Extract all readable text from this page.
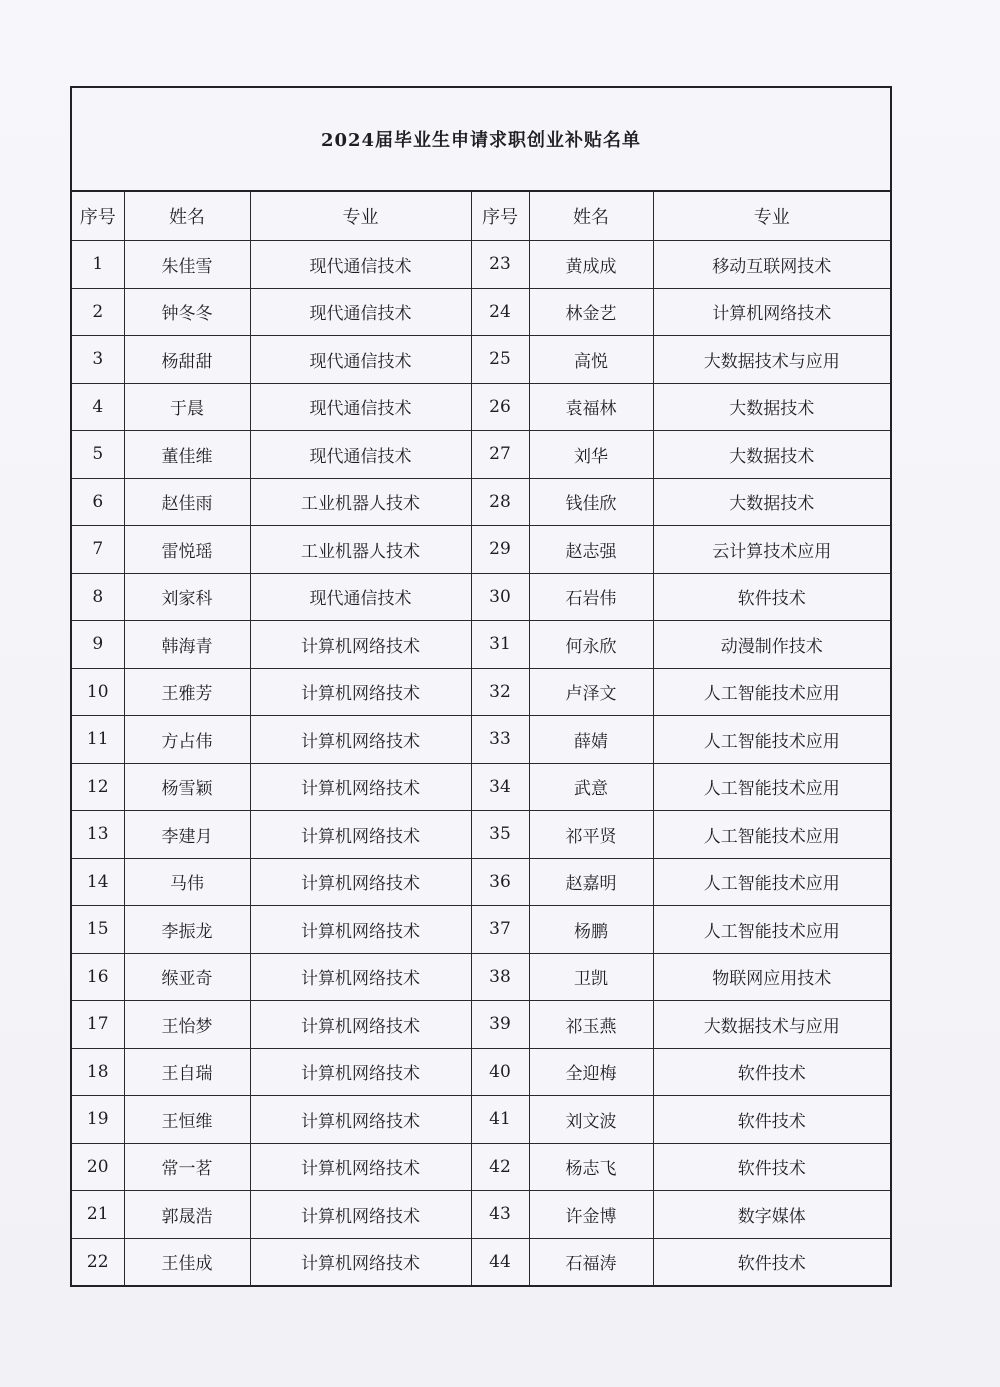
2024届毕业生申请求职创业补贴名单
序号	姓名	专业	序号	姓名	专业
1	朱佳雪	现代通信技术	23	黄成成	移动互联网技术
2	钟冬冬	现代通信技术	24	林金艺	计算机网络技术
3	杨甜甜	现代通信技术	25	高悦	大数据技术与应用
4	于晨	现代通信技术	26	袁福林	大数据技术
5	董佳维	现代通信技术	27	刘华	大数据技术
6	赵佳雨	工业机器人技术	28	钱佳欣	大数据技术
7	雷悦瑶	工业机器人技术	29	赵志强	云计算技术应用
8	刘家科	现代通信技术	30	石岩伟	软件技术
9	韩海青	计算机网络技术	31	何永欣	动漫制作技术
10	王雅芳	计算机网络技术	32	卢泽文	人工智能技术应用
11	方占伟	计算机网络技术	33	薛婧	人工智能技术应用
12	杨雪颖	计算机网络技术	34	武意	人工智能技术应用
13	李建月	计算机网络技术	35	祁平贤	人工智能技术应用
14	马伟	计算机网络技术	36	赵嘉明	人工智能技术应用
15	李振龙	计算机网络技术	37	杨鹏	人工智能技术应用
16	缑亚奇	计算机网络技术	38	卫凯	物联网应用技术
17	王怡梦	计算机网络技术	39	祁玉燕	大数据技术与应用
18	王自瑞	计算机网络技术	40	全迎梅	软件技术
19	王恒维	计算机网络技术	41	刘文波	软件技术
20	常一茗	计算机网络技术	42	杨志飞	软件技术
21	郭晟浩	计算机网络技术	43	许金博	数字媒体
22	王佳成	计算机网络技术	44	石福涛	软件技术
